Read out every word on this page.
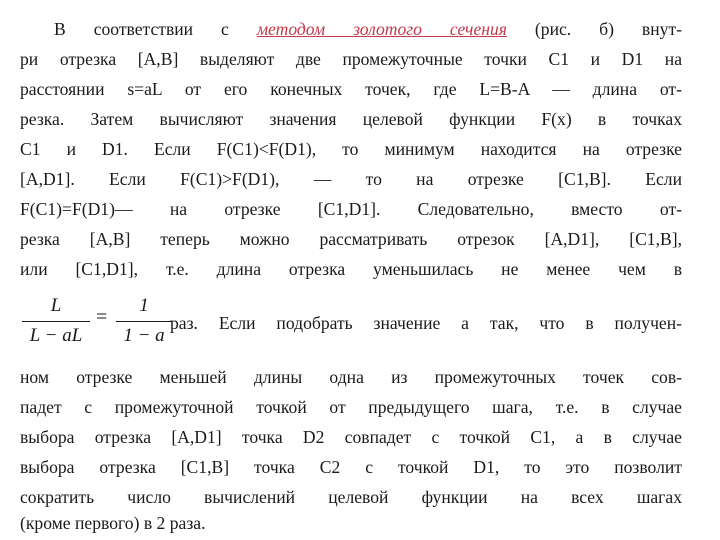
В соответствии с методом золотого сечения (рис. б) внут-
ри отрезка [A,B] выделяют две промежуточные точки C1 и D1 на
расстоянии s=aL от его конечных точек, где L=B-A — длина от-
резка. Затем вычисляют значения целевой функции F(x) в точках
C1 и D1. Если F(C1)<F(D1), то минимум находится на отрезке
[A,D1]. Если F(C1)>F(D1), — то на отрезке [C1,B]. Если
F(C1)=F(D1)— на отрезке [C1,D1]. Следовательно, вместо от-
резка [A,B] теперь можно рассматривать отрезок [A,D1], [C1,B],
или [C1,D1], т.е. длина отрезка уменьшилась не менее чем в
L
L − aL
=
1
1 − a
раз. Если подобрать значение a так, что в получен-
ном отрезке меньшей длины одна из промежуточных точек сов-
падет с промежуточной точкой от предыдущего шага, т.е. в случае
выбора отрезка [A,D1] точка D2 совпадет с точкой C1, а в случае
выбора отрезка [C1,B] точка C2 с точкой D1, то это позволит
сократить число вычислений целевой функции на всех шагах
(кроме первого) в 2 раза.
